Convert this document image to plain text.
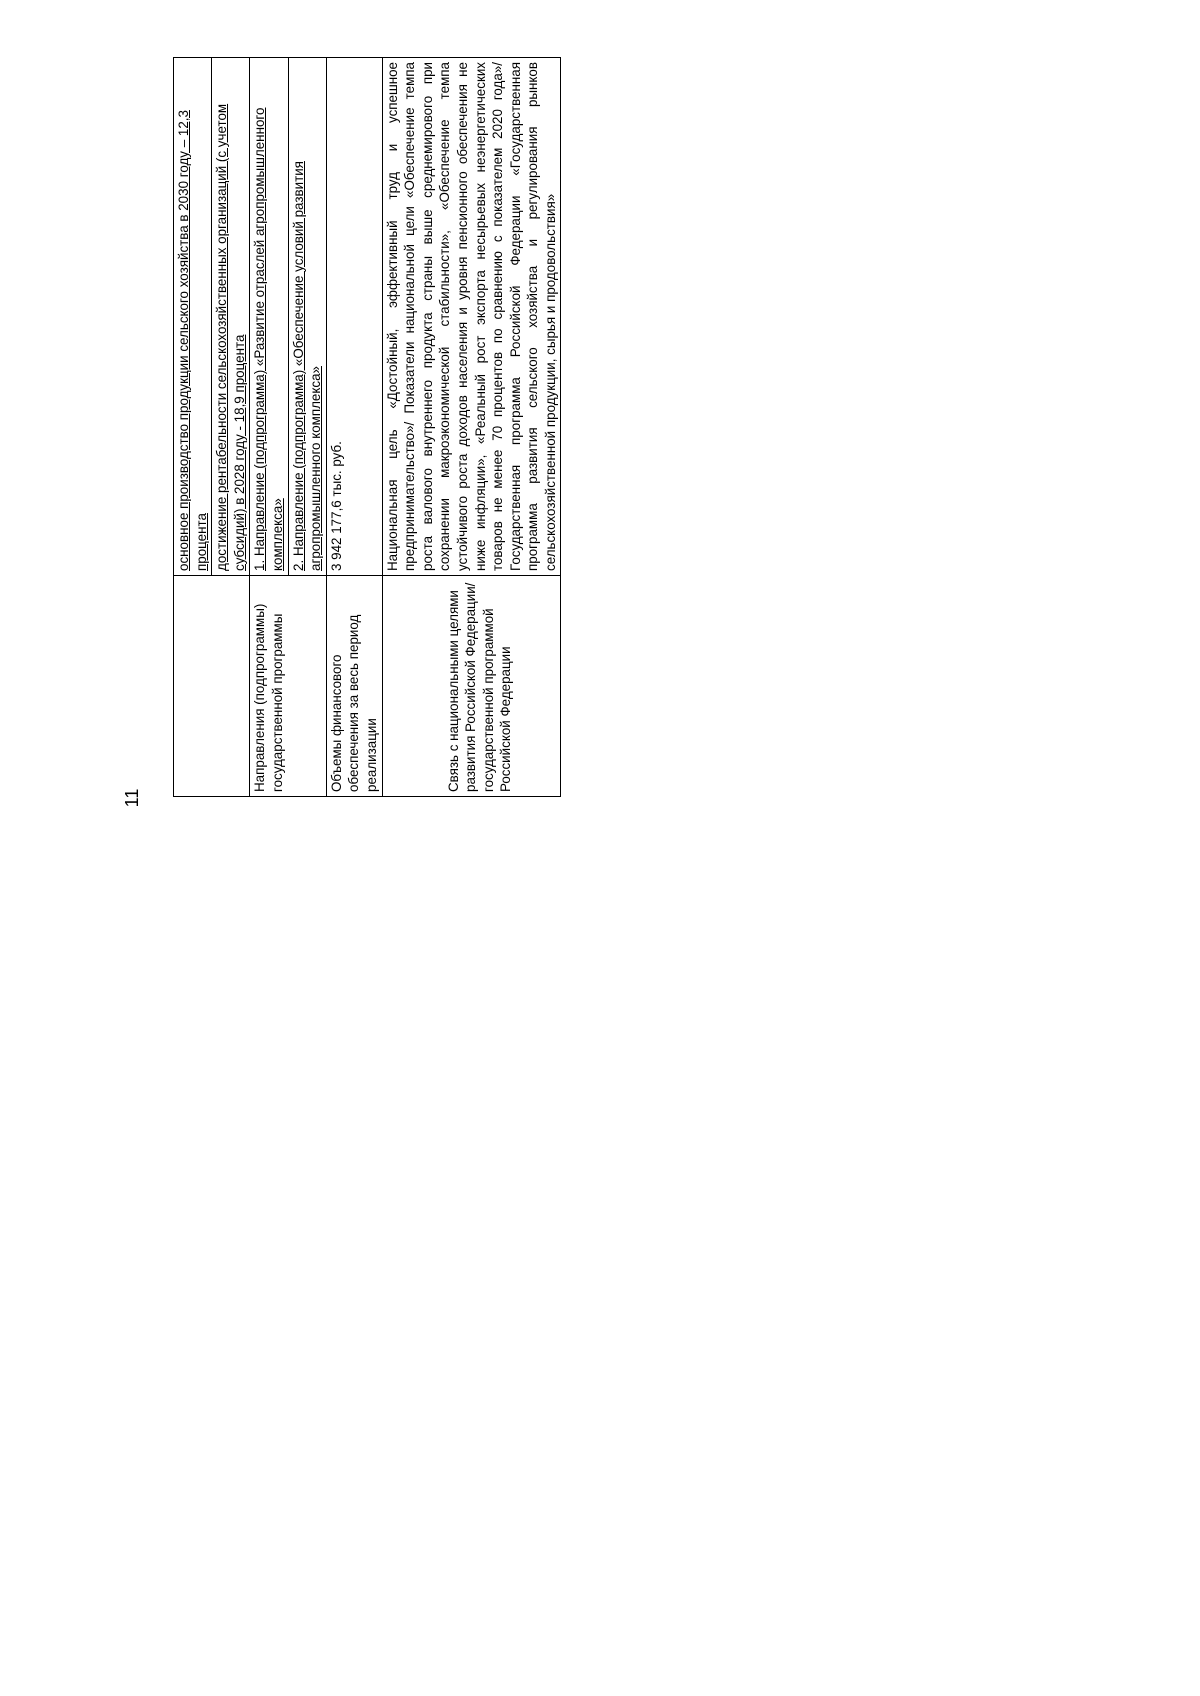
11
	основное производство продукции сельского хозяйства в 2030 году – 12,3 процента
	достижение рентабельности сельскохозяйственных организаций (с учетом субсидий) в 2028 году - 18,9 процента
Направления (подпрограммы) государственной программы	1. Направление (подпрограмма) «Развитие отраслей агропромышленного комплекса»
	2. Направление (подпрограмма) «Обеспечение условий развития агропромышленного комплекса»
Объемы финансового обеспечения за весь период реализации	3 942 177,6 тыс. руб.
Связь с национальными целями развития Российской Федерации/ государственной программой Российской Федерации	Национальная цель «Достойный, эффективный труд и успешное предпринимательство»/ Показатели национальной цели «Обеспечение темпа роста валового внутреннего продукта страны выше среднемирового при сохранении макроэкономической стабильности», «Обеспечение темпа устойчивого роста доходов населения и уровня пенсионного обеспечения не ниже инфляции», «Реальный рост экспорта несырьевых неэнергетических товаров не менее 70 процентов по сравнению с показателем 2020 года»/ Государственная программа Российской Федерации «Государственная программа развития сельского хозяйства и регулирования рынков сельскохозяйственной продукции, сырья и продовольствия»
